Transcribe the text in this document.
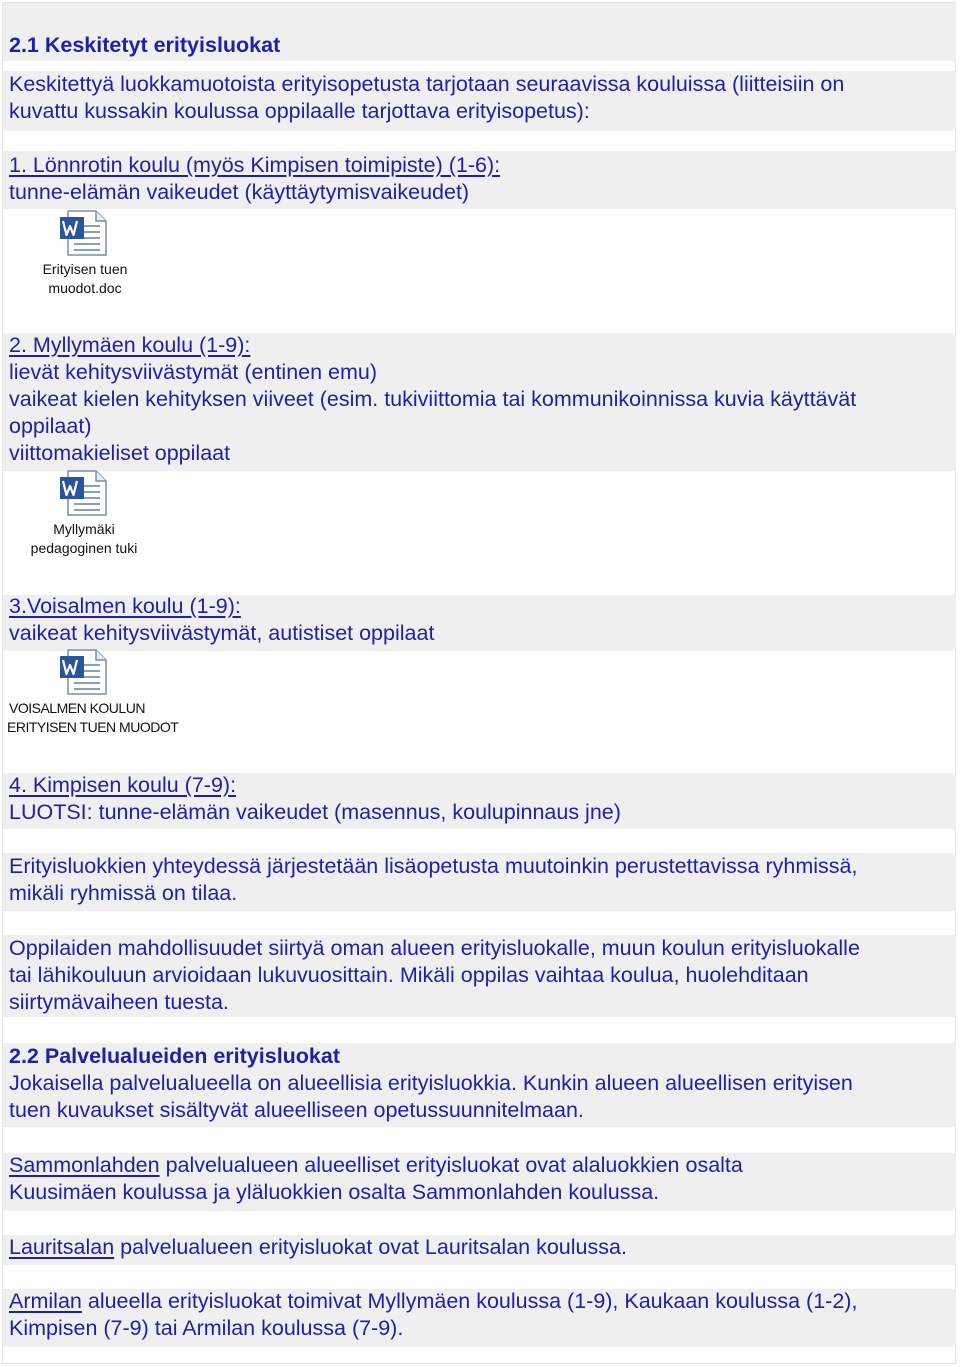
2.1 Keskitetyt erityisluokat
Keskitettyä luokkamuotoista erityisopetusta tarjotaan seuraavissa kouluissa (liitteisiin on
kuvattu kussakin koulussa oppilaalle tarjottava erityisopetus):
1. Lönnrotin koulu (myös Kimpisen toimipiste) (1-6):
tunne-elämän vaikeudet (käyttäytymisvaikeudet)
Erityisen tuen
muodot.doc
2. Myllymäen koulu (1-9):
lievät kehitysviivästymät (entinen emu)
vaikeat kielen kehityksen viiveet (esim. tukiviittomia tai kommunikoinnissa kuvia käyttävät
oppilaat)
viittomakieliset oppilaat
Myllymäki
pedagoginen tuki
3.Voisalmen koulu (1-9):
vaikeat kehitysviivästymät, autistiset oppilaat
VOISALMEN KOULUN
ERITYISEN TUEN MUODOT
4. Kimpisen koulu (7-9):
LUOTSI: tunne-elämän vaikeudet (masennus, koulupinnaus jne)
Erityisluokkien yhteydessä järjestetään lisäopetusta muutoinkin perustettavissa ryhmissä,
mikäli ryhmissä on tilaa.
Oppilaiden mahdollisuudet siirtyä oman alueen erityisluokalle, muun koulun erityisluokalle
tai lähikouluun arvioidaan lukuvuosittain. Mikäli oppilas vaihtaa koulua, huolehditaan
siirtymävaiheen tuesta.
2.2 Palvelualueiden erityisluokat
Jokaisella palvelualueella on alueellisia erityisluokkia. Kunkin alueen alueellisen erityisen
tuen kuvaukset sisältyvät alueelliseen opetussuunnitelmaan.
Sammonlahden palvelualueen alueelliset erityisluokat ovat alaluokkien osalta
Kuusimäen koulussa ja yläluokkien osalta Sammonlahden koulussa.
Lauritsalan palvelualueen erityisluokat ovat Lauritsalan koulussa.
Armilan alueella erityisluokat toimivat Myllymäen koulussa (1-9), Kaukaan koulussa (1-2),
Kimpisen (7-9) tai Armilan koulussa (7-9).
